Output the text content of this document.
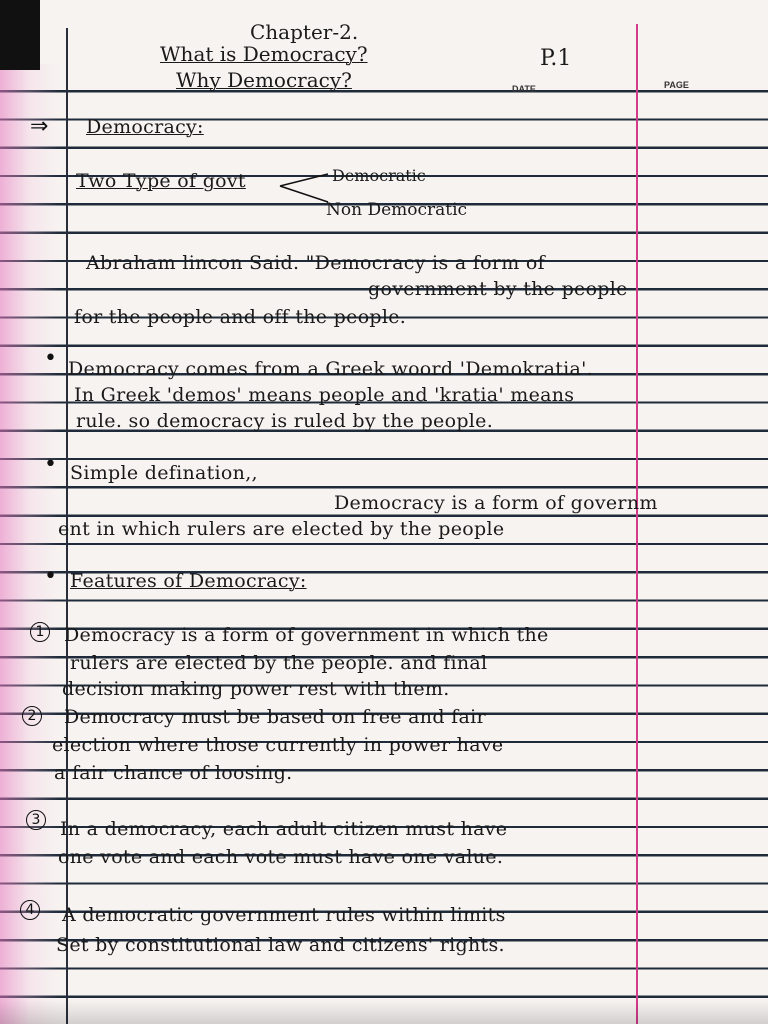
Chapter-2.
What is Democracy?
Why Democracy?
P.1
DATE	PAGE
⇒ Democracy:
Two Type of govt	Democratic
Non Democratic
Abraham lincon Said. "Democracy is a form of
government by the people
for the people and off the people.
• Democracy comes from a Greek woord 'Demokratia'.
In Greek 'demos' means people and 'kratia' means
rule. so democracy is ruled by the people.
• Simple defination,,
Democracy is a form of governm
ent in which rulers are elected by the people
• Features of Democracy:
1 Democracy is a form of government in which the
rulers are elected by the people. and final
decision making power rest with them.
2 Democracy must be based on free and fair
election where those currently in power have
a fair chance of loosing.
3 In a democracy, each adult citizen must have
one vote and each vote must have one value.
4 A democratic government rules within limits
Set by constitutional law and citizens' rights.
